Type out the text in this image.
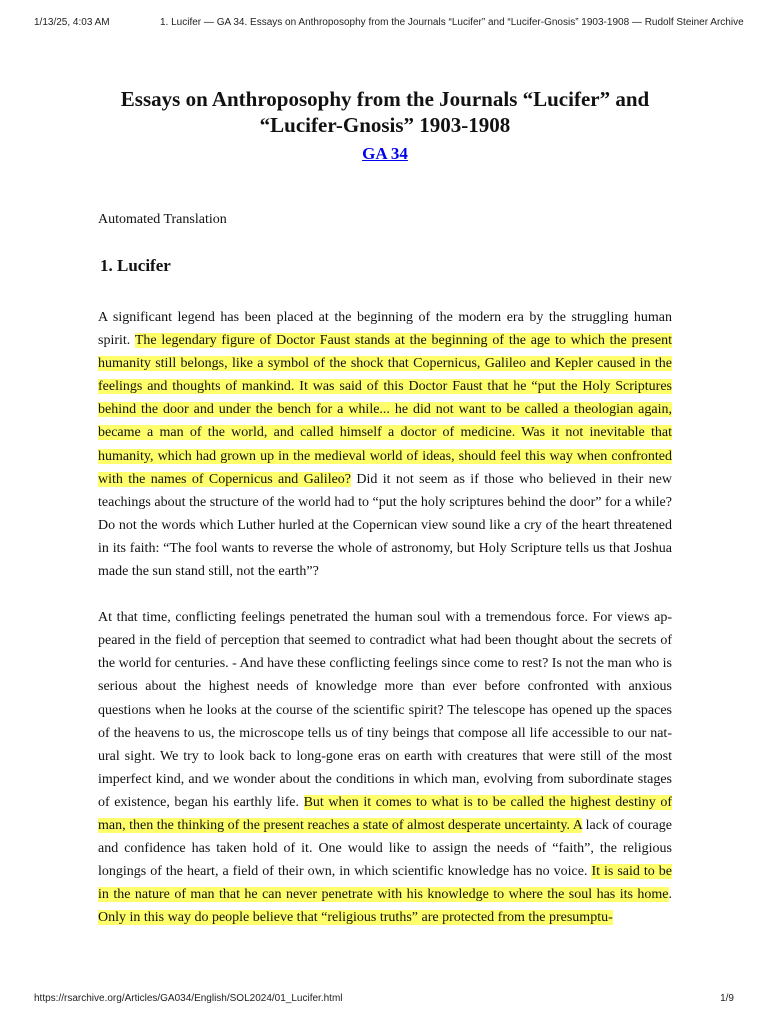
1/13/25, 4:03 AM	1. Lucifer — GA 34. Essays on Anthroposophy from the Journals “Lucifer” and “Lucifer-Gnosis” 1903-1908 — Rudolf Steiner Archive
Essays on Anthroposophy from the Journals “Lucifer” and “Lucifer-Gnosis” 1903-1908
GA 34
Automated Translation
1. Lucifer

A significant legend has been placed at the beginning of the modern era by the struggling human spirit. The legendary figure of Doctor Faust stands at the beginning of the age to which the present humanity still belongs, like a symbol of the shock that Copernicus, Galileo and Kepler caused in the feelings and thoughts of mankind. It was said of this Doctor Faust that he “put the Holy Scriptures behind the door and under the bench for a while... he did not want to be called a theologian again, became a man of the world, and called himself a doctor of medicine. Was it not inevitable that humanity, which had grown up in the medieval world of ideas, should feel this way when confronted with the names of Copernicus and Galileo? Did it not seem as if those who believed in their new teachings about the structure of the world had to “put the holy scriptures behind the door” for a while? Do not the words which Luther hurled at the Copernican view sound like a cry of the heart threatened in its faith: “The fool wants to reverse the whole of astronomy, but Holy Scripture tells us that Joshua made the sun stand still, not the earth”?

At that time, conflicting feelings penetrated the human soul with a tremendous force. For views appeared in the field of perception that seemed to contradict what had been thought about the secrets of the world for centuries. - And have these conflicting feelings since come to rest? Is not the man who is serious about the highest needs of knowledge more than ever before confronted with anxious questions when he looks at the course of the scientific spirit? The telescope has opened up the spaces of the heavens to us, the microscope tells us of tiny beings that compose all life accessible to our natural sight. We try to look back to long-gone eras on earth with creatures that were still of the most imperfect kind, and we wonder about the conditions in which man, evolving from subordinate stages of existence, began his earthly life. But when it comes to what is to be called the highest destiny of man, then the thinking of the present reaches a state of almost desperate uncertainty. A lack of courage and confidence has taken hold of it. One would like to assign the needs of “faith”, the religious longings of the heart, a field of their own, in which scientific knowledge has no voice. It is said to be in the nature of man that he can never penetrate with his knowledge to where the soul has its home. Only in this way do people believe that “religious truths” are protected from the presumptu-

https://rsarchive.org/Articles/GA034/English/SOL2024/01_Lucifer.html	1/9
